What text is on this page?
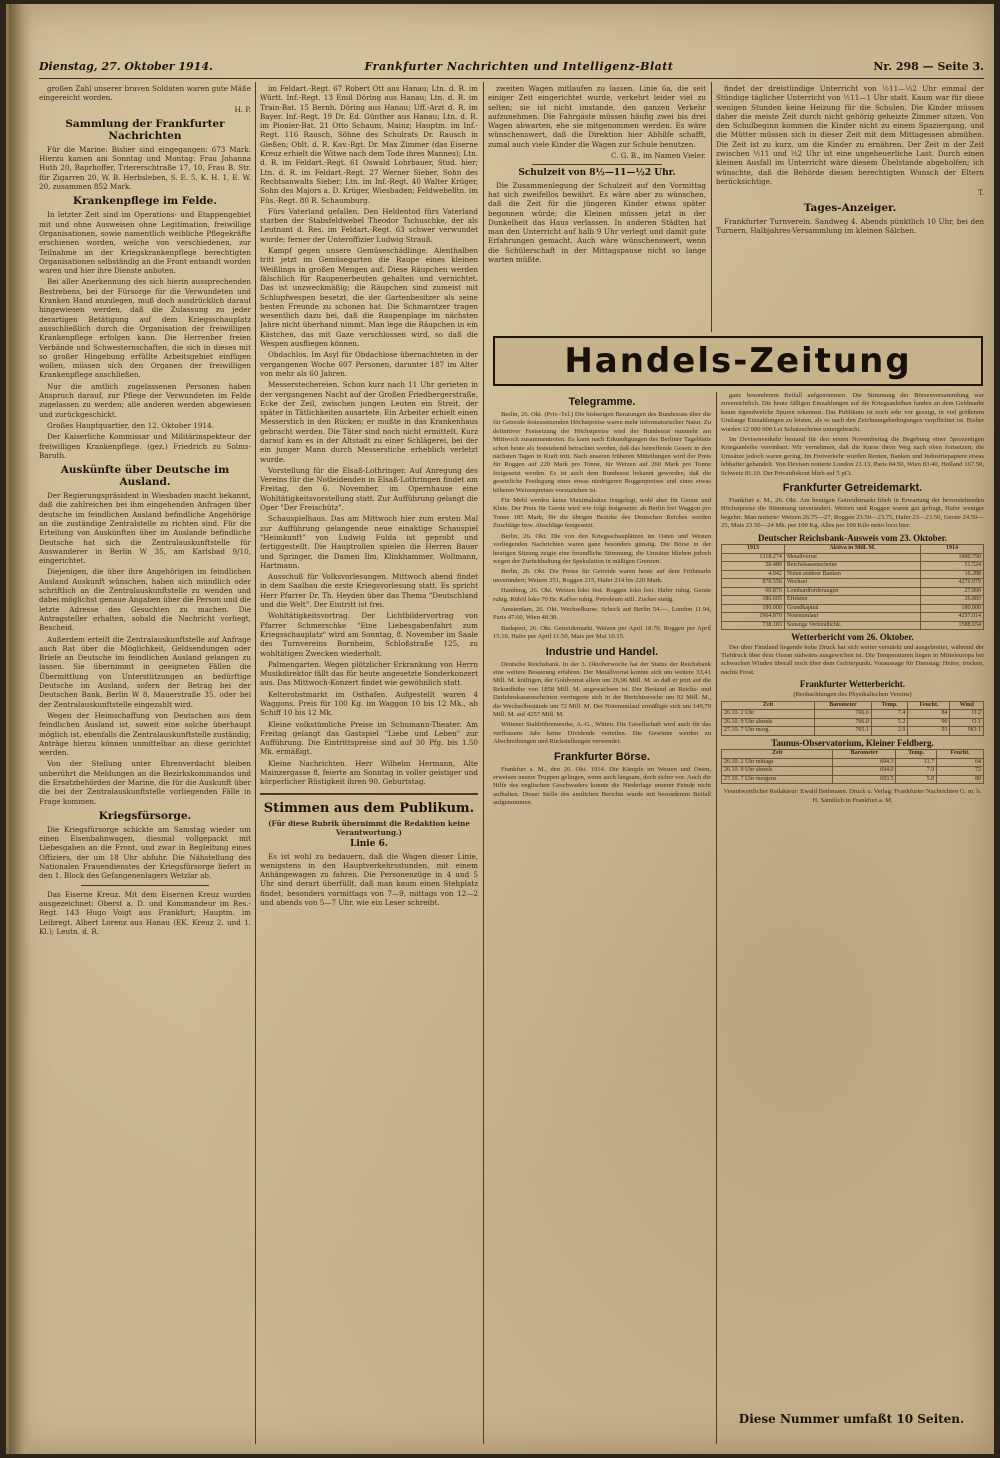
Dienstag, 27. Oktober 1914.	Frankfurter Nachrichten und Intelligenz-Blatt	Nr. 298 — Seite 3.

großen Zahl unserer braven Soldaten waren gute Mäße eingereicht worden.

H. P.

Sammlung der Frankfurter Nachrichten

Für die Marine: Bisher sind eingegangen: 673 Mark. Hierzu kamen am Sonntag und Montag: Frau Johanna Huth 20, Baprhoffer, Triererschtraße 17, 10, Frau B. Str. für Zigarren 20, W. B. Herbsleben, S. E. 5, K. H. 1, E. W. 20, zusammen 852 Mark.

Krankenpflege im Felde.

In letzter Zeit sind im Operations- und Etappengebiet mit und ohne Ausweisen ohne Legitimation, freiwillige Organisationen, sowie namentlich weibliche Pflegekräfte erschienen worden, welche von verschiedenen, zur Teilnahme an der Kriegskrankenpflege berechtigten Organisationen selbständig an die Front entsandt worden waren und hier ihre Dienste anboten.

Bei aller Anerkennung des sich hierin aussprechenden Bestrebens, bei der Fürsorge für die Verwundeten und Kranken Hand anzulegen, muß doch ausdrücklich darauf hingewiesen werden, daß die Zulassung zu jeder derartigen Betätigung auf dem Kriegsschauplatz ausschließlich durch die Organisation der freiwilligen Krankenpflege erfolgen kann. Die Herrenber freien Verbände und Schwesternschaften, die sich in dieses mit so großer Hingebung erfüllte Arbeitsgebiet einfügen wollen, müssen sich den Organen der freiwilligen Krankenpflege anschließen.

Nur die amtlich zugelassenen Personen haben Anspruch darauf, zur Pflege der Verwundeten im Felde zugelassen zu werden; alle anderen werden abgewiesen und zurückgeschickt.

Großes Hauptquartier, den 12. Oktober 1914.

Der Kaiserliche Kommissar und Militärinspekteur der freiwilligen Krankenpflege. (gez.) Friedrich zu Solms-Baruth.

Auskünfte über Deutsche im Ausland.

Der Regierungspräsident in Wiesbaden macht bekannt, daß die zahlreichen bei ihm eingehenden Anfragen über deutsche im feindlichen Ausland befindliche Angehörige an die zuständige Zentralstelle zu richten sind. Für die Erteilung von Auskünften über im Auslande befindliche Deutsche hat sich die Zentralauskunftstelle für Auswanderer in Berlin W 35, am Karlsbad 9/10, eingerichtet.

Diejenigen, die über ihre Angehörigen im feindlichen Ausland Auskunft wünschen, haben sich mündlich oder schriftlich an die Zentralauskunftstelle zu wenden und dabei möglichst genaue Angaben über die Person und die letzte Adresse des Gesuchten zu machen. Die Antragsteller erhalten, sobald die Nachricht vorliegt, Bescheid.

Außerdem erteilt die Zentralauskunftstelle auf Anfrage auch Rat über die Möglichkeit, Geldsendungen oder Briefe an Deutsche im feindlichen Ausland gelangen zu lassen. Sie übernimmt in geeigneten Fällen die Übermittlung von Unterstützungen an bedürftige Deutsche im Ausland, sofern der Betrag bei der Deutschen Bank, Berlin W 8, Mauerstraße 35, oder bei der Zentralauskunftstelle eingezahlt wird.

Wegen der Heimschaffung von Deutschen aus dem feindlichen Ausland ist, soweit eine solche überhaupt möglich ist, ebenfalls die Zentralauskunftstelle zuständig; Anträge hierzu können unmittelbar an diese gerichtet werden.

Von der Stellung unter Ehrenverdacht bleiben unberührt die Meldungen an die Bezirkskommandos und die Ersatzbehörden der Marine, die für die Auskunft über die bei der Zentralauskunftstelle vorliegenden Fälle in Frage kommen.

Kriegsfürsorge.

Die Kriegsfürsorge schickte am Samstag wieder um einen Eisenbahnwagen, diesmal vollgepackt mit Liebesgaben an die Front, und zwar in Begleitung eines Offiziers, der um 18 Uhr abfuhr. Die Nähstellung des Nationalen Frauendienstes der Kriegsfürsorge liefert in den 1. Block des Gefangenenlagers Wetzlar ab.

Das Eiserne Kreuz. Mit dem Eisernen Kreuz wurden ausgezeichnet: Oberst a. D. und Kommandeur im Res.-Regt. 143 Hugo Voigt aus Frankfurt; Hauptm. im Leibregt. Albert Lorenz aus Hanau (EK. Kreuz 2. und 1. Kl.); Leutn. d. R.

im Feldart.-Regt. 67 Robert Ott aus Hanau; Ltn. d. R. im Württ. Inf.-Regt. 13 Emil Döring aus Hanau; Ltn. d. R. im Train-Bat. 15 Bernh. Döring aus Hanau; Uff.-Arzt d. R. im Bayer. Inf.-Regt. 19 Dr. Ed. Günther aus Hanau; Ltn. d. R. im Pionier-Bat. 21 Otto Schaum, Mainz; Hauptm. im Inf.-Regt. 116 Rausch, Söhne des Schulrats Dr. Rausch in Gießen; Oblt. d. R. Kav.-Rgt. Dr. Max Zimmer (das Eiserne Kreuz erhielt die Witwe nach dem Tode ihres Mannes); Ltn. d. R. im Feldart.-Regt. 61 Oswald Lohrbauer, Stud. hier; Ltn. d. R. im Feldart.-Regt. 27 Werner Sieber, Sohn des Rechtsanwalts Sieber; Ltn. im Inf.-Regt. 40 Walter Krüger, Sohn des Majors a. D. Krüger, Wiesbaden; Feldwebelltn. im Füs.-Regt. 80 R. Schaumburg.

Fürs Vaterland gefallen. Den Heldentod fürs Vaterland starben der Stabsfeldwebel Theodor Tschuschke, der als Leutnant d. Res. im Feldart.-Regt. 63 schwer verwundet wurde; ferner der Unteroffizier Ludwig Strauß.

Kampf gegen unsere Gemüseschädlinge. Alenthalben tritt jetzt im Gemüsegarten die Raupe eines kleinen Weißlings in großen Mengen auf. Diese Räupchen werden fälschlich für Raupenerbeuten gehalten und vernichtet. Das ist unzweckmäßig; die Räupchen sind zumeist mit Schlupfwespen besetzt, die der Gartenbesitzer als seine besten Freunde zu schonen hat. Die Schmarotzer tragen wesentlich dazu bei, daß die Raupenplage im nächsten Jahre nicht überhand nimmt. Man lege die Räupchen in ein Kästchen, das mit Gaze verschlossen wird, so daß die Wespen ausfliegen können.

Obdachlos. Im Asyl für Obdachlose übernachteten in der vergangenen Woche 607 Personen, darunter 187 im Alter von mehr als 60 Jahren.

Messerstechereien. Schon kurz nach 11 Uhr gerieten in der vergangenen Nacht auf der Großen Friedbergerstraße, Ecke der Zeil, zwischen jungen Leuten ein Streit, der später in Tätlichkeiten ausartete. Ein Arbeiter erhielt einen Messerstich in den Rücken; er mußte in das Krankenhaus gebracht werden. Die Täter sind noch nicht ermittelt. Kurz darauf kam es in der Altstadt zu einer Schlägerei, bei der ein junger Mann durch Messerstiche erheblich verletzt wurde.

Vorstellung für die Elsaß-Lothringer. Auf Anregung des Vereins für die Notleidenden in Elsaß-Lothringen findet am Freitag, den 6. November, im Opernhause eine Wohltätigkeitsvorstellung statt. Zur Aufführung gelangt die Oper "Der Freischütz".

Schauspielhaus. Das am Mittwoch hier zum ersten Mal zur Aufführung gelangende neue einaktige Schauspiel "Heimkunft" von Ludwig Fulda ist geprobt und fertiggestellt. Die Hauptrollen spielen die Herren Bauer und Springer, die Damen Ilm, Klinkhammer, Wollmann, Hartmann.

Ausschuß für Volksvorlesungen. Mittwoch abend findet in dem Saalbau die erste Kriegsvorlesung statt. Es spricht Herr Pfarrer Dr. Th. Heyden über das Thema "Deutschland und die Welt". Der Eintritt ist frei.

Wohltätigkeitsvortrag. Der Lichtbildervortrag von Pfarrer Schmerschke "Eine Liebesgabenfahrt zum Kriegsschauplatz" wird am Sonntag, 8. November im Saale des Turnvereins Bornheim, Schloßstraße 125, zu wohltätigen Zwecken wiederholt.

Palmengarten. Wegen plötzlicher Erkrankung von Herrn Musikdirektor fällt das für heute angesetzte Sonderkonzert aus. Das Mittwoch-Konzert findet wie gewöhnlich statt.

Kelterobstmarkt im Osthafen. Aufgestellt waren 4 Waggons. Preis für 100 Kg. im Waggon 10 bis 12 Mk., ab Schiff 10 bis 12 Mk.

Kleine volkstümliche Preise im Schumann-Theater. Am Freitag gelangt das Gastspiel "Liebe und Leben" zur Aufführung. Die Eintrittspreise sind auf 30 Pfg. bis 1.50 Mk. ermäßigt.

Kleine Nachrichten. Herr Wilhelm Hermann, Alte Mainzergasse 8, feierte am Sonntag in voller geistiger und körperlicher Rüstigkeit ihren 90. Geburtstag.

Stimmen aus dem Publikum.

(Für diese Rubrik übernimmt die Redaktion keine Verantwortung.)

Linie 6.

Es ist wohl zu bedauern, daß die Wagen dieser Linie, wenigstens in den Hauptverkehrsstunden, mit einem Anhängewagen zu fahren. Die Personenzüge in 4 und 5 Uhr sind derart überfüllt, daß man kaum einen Stehplatz findet, besonders vormittags von 7—9, mittags von 12—2 und abends von 5—7 Uhr, wie ein Leser schreibt.

zweiten Wagen mitlaufen zu lassen. Linie 6a, die seit einiger Zeit eingerichtet wurde, verkehrt leider viel zu selten; sie ist nicht imstande, den ganzen Verkehr aufzunehmen. Die Fahrgäste müssen häufig zwei bis drei Wagen abwarten, ehe sie mitgenommen werden. Es wäre wünschenswert, daß die Direktion hier Abhilfe schafft, zumal auch viele Kinder die Wagen zur Schule benutzen.

C. G. B., im Namen Vieler.

Schulzeit von 8½—11—½2 Uhr.

Die Zusammenlegung der Schulzeit auf den Vormittag hat sich zweifellos bewährt. Es wäre aber zu wünschen, daß die Zeit für die jüngeren Kinder etwas später begonnen würde; die Kleinen müssen jetzt in der Dunkelheit das Haus verlassen. In anderen Städten hat man den Unterricht auf halb 9 Uhr verlegt und damit gute Erfahrungen gemacht. Auch wäre wünschenswert, wenn die Schülerschaft in der Mittagspause nicht so lange warten müßte.

findet der dreistündige Unterricht von ½11—½2 Uhr einmal der Stündige täglicher Unterricht von ½11—1 Uhr statt. Kaum war für diese wenigen Stunden keine Heizung für die Schulen. Die Kinder müssen daher die meiste Zeit durch nicht gehörig geheizte Zimmer sitzen. Von den Schulbeginn kommen die Kinder nicht zu einem Spaziergang, und die Mütter müssen sich in dieser Zeit mit dem Mittagessen abmühen. Die Zeit ist zu kurz, um die Kinder zu ernähren. Der Zeit in der Zeit zwischen ½11 und ½2 Uhr ist eine ungeheuerliche Last. Durch einen kleinen Ausfall im Unterricht wäre diesem Übelstande abgeholfen; ich wünschte, daß die Behörde diesen berechtigten Wunsch der Eltern berücksichtige.

T.

Tages-Anzeiger.

Frankfurter Turnverein. Sandweg 4. Abends pünktlich 10 Uhr, bei den Turnern, Halbjahres-Versammlung im kleinen Sälchen.

Handels-Zeitung
Telegramme.

Berlin, 26. Okt. (Priv.-Tel.) Die bisherigen Beratungen des Bundesrats über die für Getreide festzusetzenden Höchstpreise waren mehr informatorischer Natur. Zu definitiver Festsetzung der Höchstpreise wird der Bundesrat nunmehr am Mittwoch zusammentreten. Es kann nach Erkundigungen des Berliner Tageblatts schon heute als feststehend betrachtet werden, daß das betreffende Gesetz in den nächsten Tagen in Kraft tritt. Nach unseren früheren Mitteilungen wird der Preis für Roggen auf 220 Mark pro Tonne, für Weizen auf 260 Mark pro Tonne festgesetzt werden. Es ist auch dem Bundesrat bekannt geworden, daß die gesetzliche Festlegung eines etwas niedrigeren Roggenpreises und eines etwas höheren Weizenpreises vorzuziehen ist.

Für Mehl werden keine Maximalsätze festgelegt, wohl aber für Gerste und Kleie. Der Preis für Gerste wird wie folgt festgesetzt: ab Berlin frei Waggon pro Tonne 185 Mark; für die übrigen Bezirke des Deutschen Reiches werden Zuschläge bzw. Abschläge festgesetzt.

Berlin, 26. Okt. Die von den Kriegsschauplätzen im Osten und Westen vorliegenden Nachrichten waren ganz besonders günstig. Die Börse in der heutigen Sitzung zeigte eine freundliche Stimmung; die Umsätze blieben jedoch wegen der Zurückhaltung der Spekulation in mäßigen Grenzen.

Berlin, 26. Okt. Die Preise für Getreide waren heute auf dem Frühmarkt unverändert; Weizen 251, Roggen 215, Hafer 214 bis 220 Mark.

Hamburg, 26. Okt. Weizen loko fest. Roggen loko fest. Hafer ruhig. Gerste ruhig. Rüböl loko 70 Br. Kaffee ruhig. Petroleum still. Zucker stetig.

Amsterdam, 26. Okt. Wechselkurse. Scheck auf Berlin 54.—, London 11.94, Paris 47.60, Wien 48.30.

Budapest, 26. Okt. Getreidemarkt. Weizen per April 18.70, Roggen per April 15.10, Hafer per April 11.50, Mais per Mai 10.15.

Industrie und Handel.

Deutsche Reichsbank. In der 3. Oktoberwoche hat der Status der Reichsbank eine weitere Besserung erfahren. Der Metallvorrat konnte sich um weitere 33,41 Mill. M. kräftigen, der Goldvorrat allein um 26,96 Mill. M. so daß er jetzt auf die Rekordhöhe von 1858 Mill. M. angewachsen ist. Der Bestand an Reichs- und Darlehnskassenscheinen verringerte sich in der Berichtswoche um 92 Mill. M., die Wechselbestände um 72 Mill. M. Der Notenumlauf ermäßigte sich um 149,79 Mill. M. auf 4257 Mill. M.

Wittener Stahlröhrenwerke, A.-G., Witten. Die Gesellschaft wird auch für das verflossene Jahr keine Dividende verteilen. Die Gewinne werden zu Abschreibungen und Rückstellungen verwendet.

Frankfurter Börse.

Frankfurt a. M., den 26. Okt. 1914. Die Kämpfe im Westen und Osten, erweisen unsere Truppen gelingen, wenn auch langsam, doch sicher vor. Auch die Hilfe des englischen Geschwaders konnte die Niederlage unserer Feinde nicht aufhalten. Dieser Stelle des amtlichen Berichts wurde mit besonderem Beifall aufgenommen.

ganz besonderem Beifall aufgenommen. Die Stimmung der Börsenversammlung war zuversichtlich. Die heute fälligen Einzahlungen auf die Kriegsanleihen fanden an dem Geldmarkt kaum irgendwelche Spuren erkennen. Das Publikum ist noch sehr vor gezeigt, in viel größerem Umfange Einzahlungen zu leisten, als es nach den Zeichnungsbedingungen verpflichtet ist. Bisher wurden 12 000 000 Lei Schatzscheine untergebracht.

Im Devisenverkehr bestand für den ersten Novembertag die Begebung einer 5prozentigen Kriegsanleihe vereinbart. Wir vernehmen, daß die Kurse ihren Weg nach oben fortsetzen; die Umsätze jedoch waren gering. Im Freiverkehr wurden Renten, Banken und Industriepapiere etwas lebhafter gehandelt. Von Devisen notierte London 21.13, Paris 84.50, Wien 83.40, Holland 167.50, Schweiz 81.10. Der Privatdiskont blieb auf 5 pCt.

Frankfurter Getreidemarkt.

Frankfurt a. M., 26. Okt. Am heutigen Getreidemarkt blieb in Erwartung der bevorstehenden Höchstpreise die Stimmung unverändert. Weizen und Roggen waren gut gefragt, Hafer weniger begehrt. Man notierte: Weizen 26.75—27, Roggen 23.50—23.75, Hafer 23—23.50, Gerste 24.50—25, Mais 23.50—24 Mk. per 100 Kg. Alles per 100 Kilo netto loco hier.

Deutscher Reichsbank-Ausweis vom 23. Oktober.
1913	Aktiva in Mill. M.	1914
1318.274	Metallvorrat	1880.750
50.489	Reichskassenscheine	51.524
4.042	Noten anderer Banken	16.288
870.556	Wechsel	4276.979
60.870	Lombardforderungen	27.890
186.605	Effekten	26.883
180.000	Grundkapital	180.000
1964.870	Notenumlauf	4257.014
738.183	Sonstige Verbindlichk.	1588.654
Wetterbericht vom 26. Oktober.

Der über Finnland liegende hohe Druck hat sich weiter verstärkt und ausgebreitet, während der Tiefdruck über dem Ozean südwärts ausgewichen ist. Die Temperaturen liegen in Mitteleuropa bei schwachen Winden überall noch über dem Gefrierpunkt. Voraussage für Dienstag: Heiter, trocken, nachts Frost.

Frankfurter Wetterbericht.

(Beobachtungen des Physikalischen Vereins)

Zeit	Barometer	Temp.	Feucht.	Wind
26.10. 2 Uhr	766.6	7.4	84	O 2
26.10. 9 Uhr abends	766.0	5.2	90	O 1
27.10. 7 Uhr morg.	765.1	2.9	93	NO 1
Taunus-Observatorium, Kleiner Feldberg.
Zeit	Barometer	Temp.	Feucht.
26.10. 2 Uhr mittags	694.3	11.7	64
26.10. 9 Uhr abends	694.0	7.9	72
27.10. 7 Uhr morgens	693.5	5.8	80

Verantwortlicher Redakteur: Ewald Bethmann. Druck u. Verlag: Frankfurter Nachrichten G. m. b. H. Sämtlich in Frankfurt a. M.

Diese Nummer umfaßt 10 Seiten.
